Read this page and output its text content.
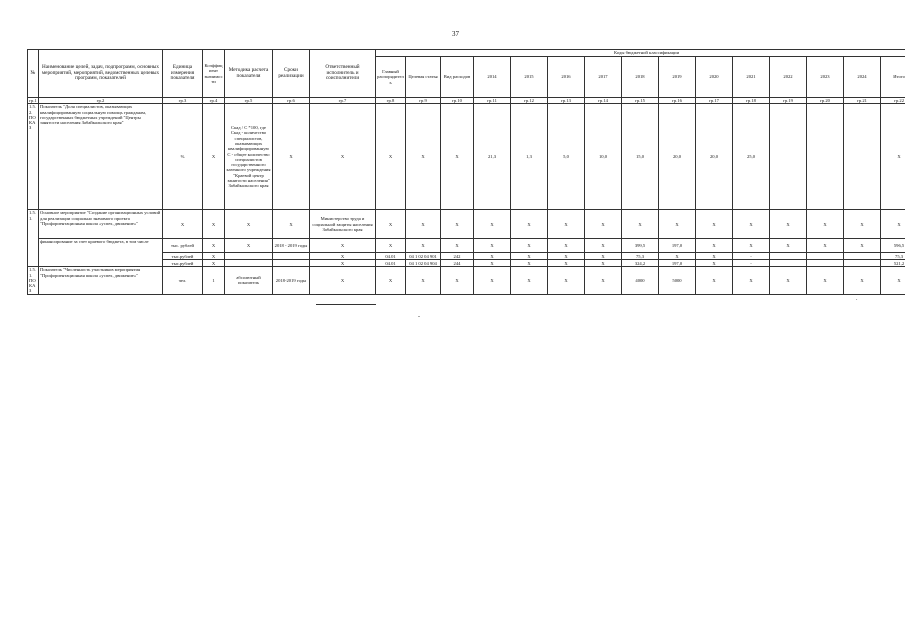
37
№	Наименование целей, задач, подпрограмм, основных мероприятий, мероприятий, ведомственных целевых программ, показателей	Единица измерения показателя	Коэффициент значимости	Методика расчета показателя	Сроки реализации	Ответственный исполнитель и соисполнители	Коды бюджетной классификации														
							Главный распорядитель	Целевая статья	Вид расходов	2014	2015	2016	2017	2018	2019	2020	2021	2022	2023	2024	Итого
гр.1	гр.2	гр.3	гр.4	гр.5	гр.6	гр.7	гр.8	гр.9	гр.10	гр.11	гр.12	гр.13	гр.14	гр.15	гр.16	гр.17	гр.18	гр.19	гр.20	гр.21	гр.22
1.5.2. ПОКАЗ	Показатель "Доля специалистов, оказывающих квалифицированную социальную помощь гражданам, государственных бюджетных учреждений "Центры занятости населения Забайкальского края"	%	Х	Скад / С *100, где Скад - количество специалистов, оказывающих квалифицированную С - общее количество специалистов государственного казенного учреждения "Краевой центр занятости населения" Забайкальского края	Х	Х	Х	Х	Х	21,3	1,3	5,0	10,0	15,0	20,0	20,0	25,0				Х
1.5.1.	Основное мероприятие "Создание организационных условий для реализации социально значимого проекта "Профориентационная школа «успех, движение»"	Х	Х	Х	Х	Министерство труда и социальной защиты населения Забайкальского края	Х	Х	Х	Х	Х	Х	Х	Х	Х	Х	Х	Х	Х	Х	Х
	финансирование за счет краевого бюджета, в том числе	тыс. рублей	Х	Х	2018 - 2019 годы	Х	Х	Х	Х	Х	Х	Х	Х	399,5	197,0	Х	Х	Х	Х	Х	596,5
		тыс.рублей	Х			Х	04.01	04 1 02 04 901	242	Х	Х	Х	Х	75,3	Х	Х	-				75,3
		тыс.рублей	Х			Х	04.01	04 1 02 04 904	244	Х	Х	Х	Х	324,2	197,0	Х	-				521,2
1.5.1. ПОКАЗ	Показатель "Численность участников мероприятия "Профориентационная школа «успех, движение»"	чел.	1	абсолютный показатель	2018-2019 годы	Х	Х	Х	Х	Х	Х	Х	Х	4000	5000	Х	Х	Х	Х	Х	Х
.
-
